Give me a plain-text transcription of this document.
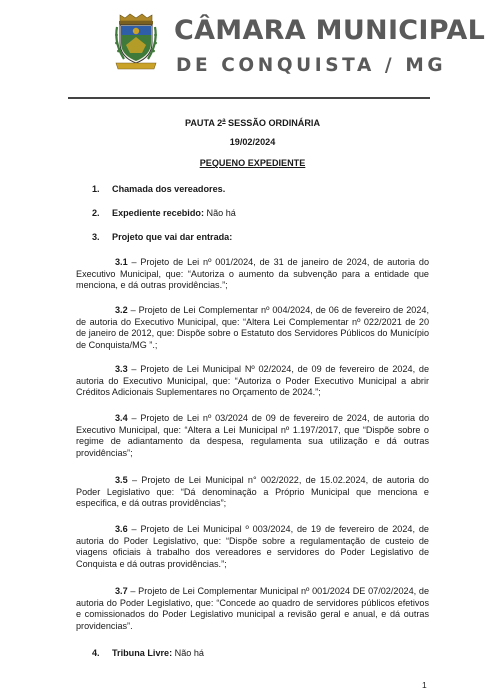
CÂMARA MUNICIPAL
DE CONQUISTA / MG
PAUTA 2$^a$ SESSÃO ORDINÁRIA
19/02/2024
PEQUENO EXPEDIENTE
1. Chamada dos vereadores.
2. Expediente recebido: Não há
3. Projeto que vai dar entrada:

3.1 – Projeto de Lei nº 001/2024, de 31 de janeiro de 2024, de autoria do Executivo Municipal, que: “Autoriza o aumento da subvenção para a entidade que menciona, e dá outras providências.”;

3.2 – Projeto de Lei Complementar nº 004/2024, de 06 de fevereiro de 2024, de autoria do Executivo Municipal, que: “Altera Lei Complementar nº 022/2021 de 20 de janeiro de 2012, que: Dispõe sobre o Estatuto dos Servidores Públicos do Município de Conquista/MG ”.;

3.3 – Projeto de Lei Municipal Nº 02/2024, de 09 de fevereiro de 2024, de autoria do Executivo Municipal, que: “Autoriza o Poder Executivo Municipal a abrir Créditos Adicionais Suplementares no Orçamento de 2024.”;

3.4 – Projeto de Lei nº 03/2024 de 09 de fevereiro de 2024, de autoria do Executivo Municipal, que: “Altera a Lei Municipal nº 1.197/2017, que “Dispõe sobre o regime de adiantamento da despesa, regulamenta sua utilização e dá outras providências”;

3.5 – Projeto de Lei Municipal n° 002/2022, de 15.02.2024, de autoria do Poder Legislativo que: “Dá denominação a Próprio Municipal que menciona e especifica, e dá outras providências”;

3.6 – Projeto de Lei Municipal º 003/2024, de 19 de fevereiro de 2024, de autoria do Poder Legislativo, que: “Dispõe sobre a regulamentação de custeio de viagens oficiais à trabalho dos vereadores e servidores do Poder Legislativo de Conquista e dá outras providências.”;

3.7 – Projeto de Lei Complementar Municipal nº 001/2024 DE 07/02/2024, de autoria do Poder Legislativo, que: “Concede ao quadro de servidores públicos efetivos e comissionados do Poder Legislativo municipal a revisão geral e anual, e dá outras providencias”.

4. Tribuna Livre: Não há
1
